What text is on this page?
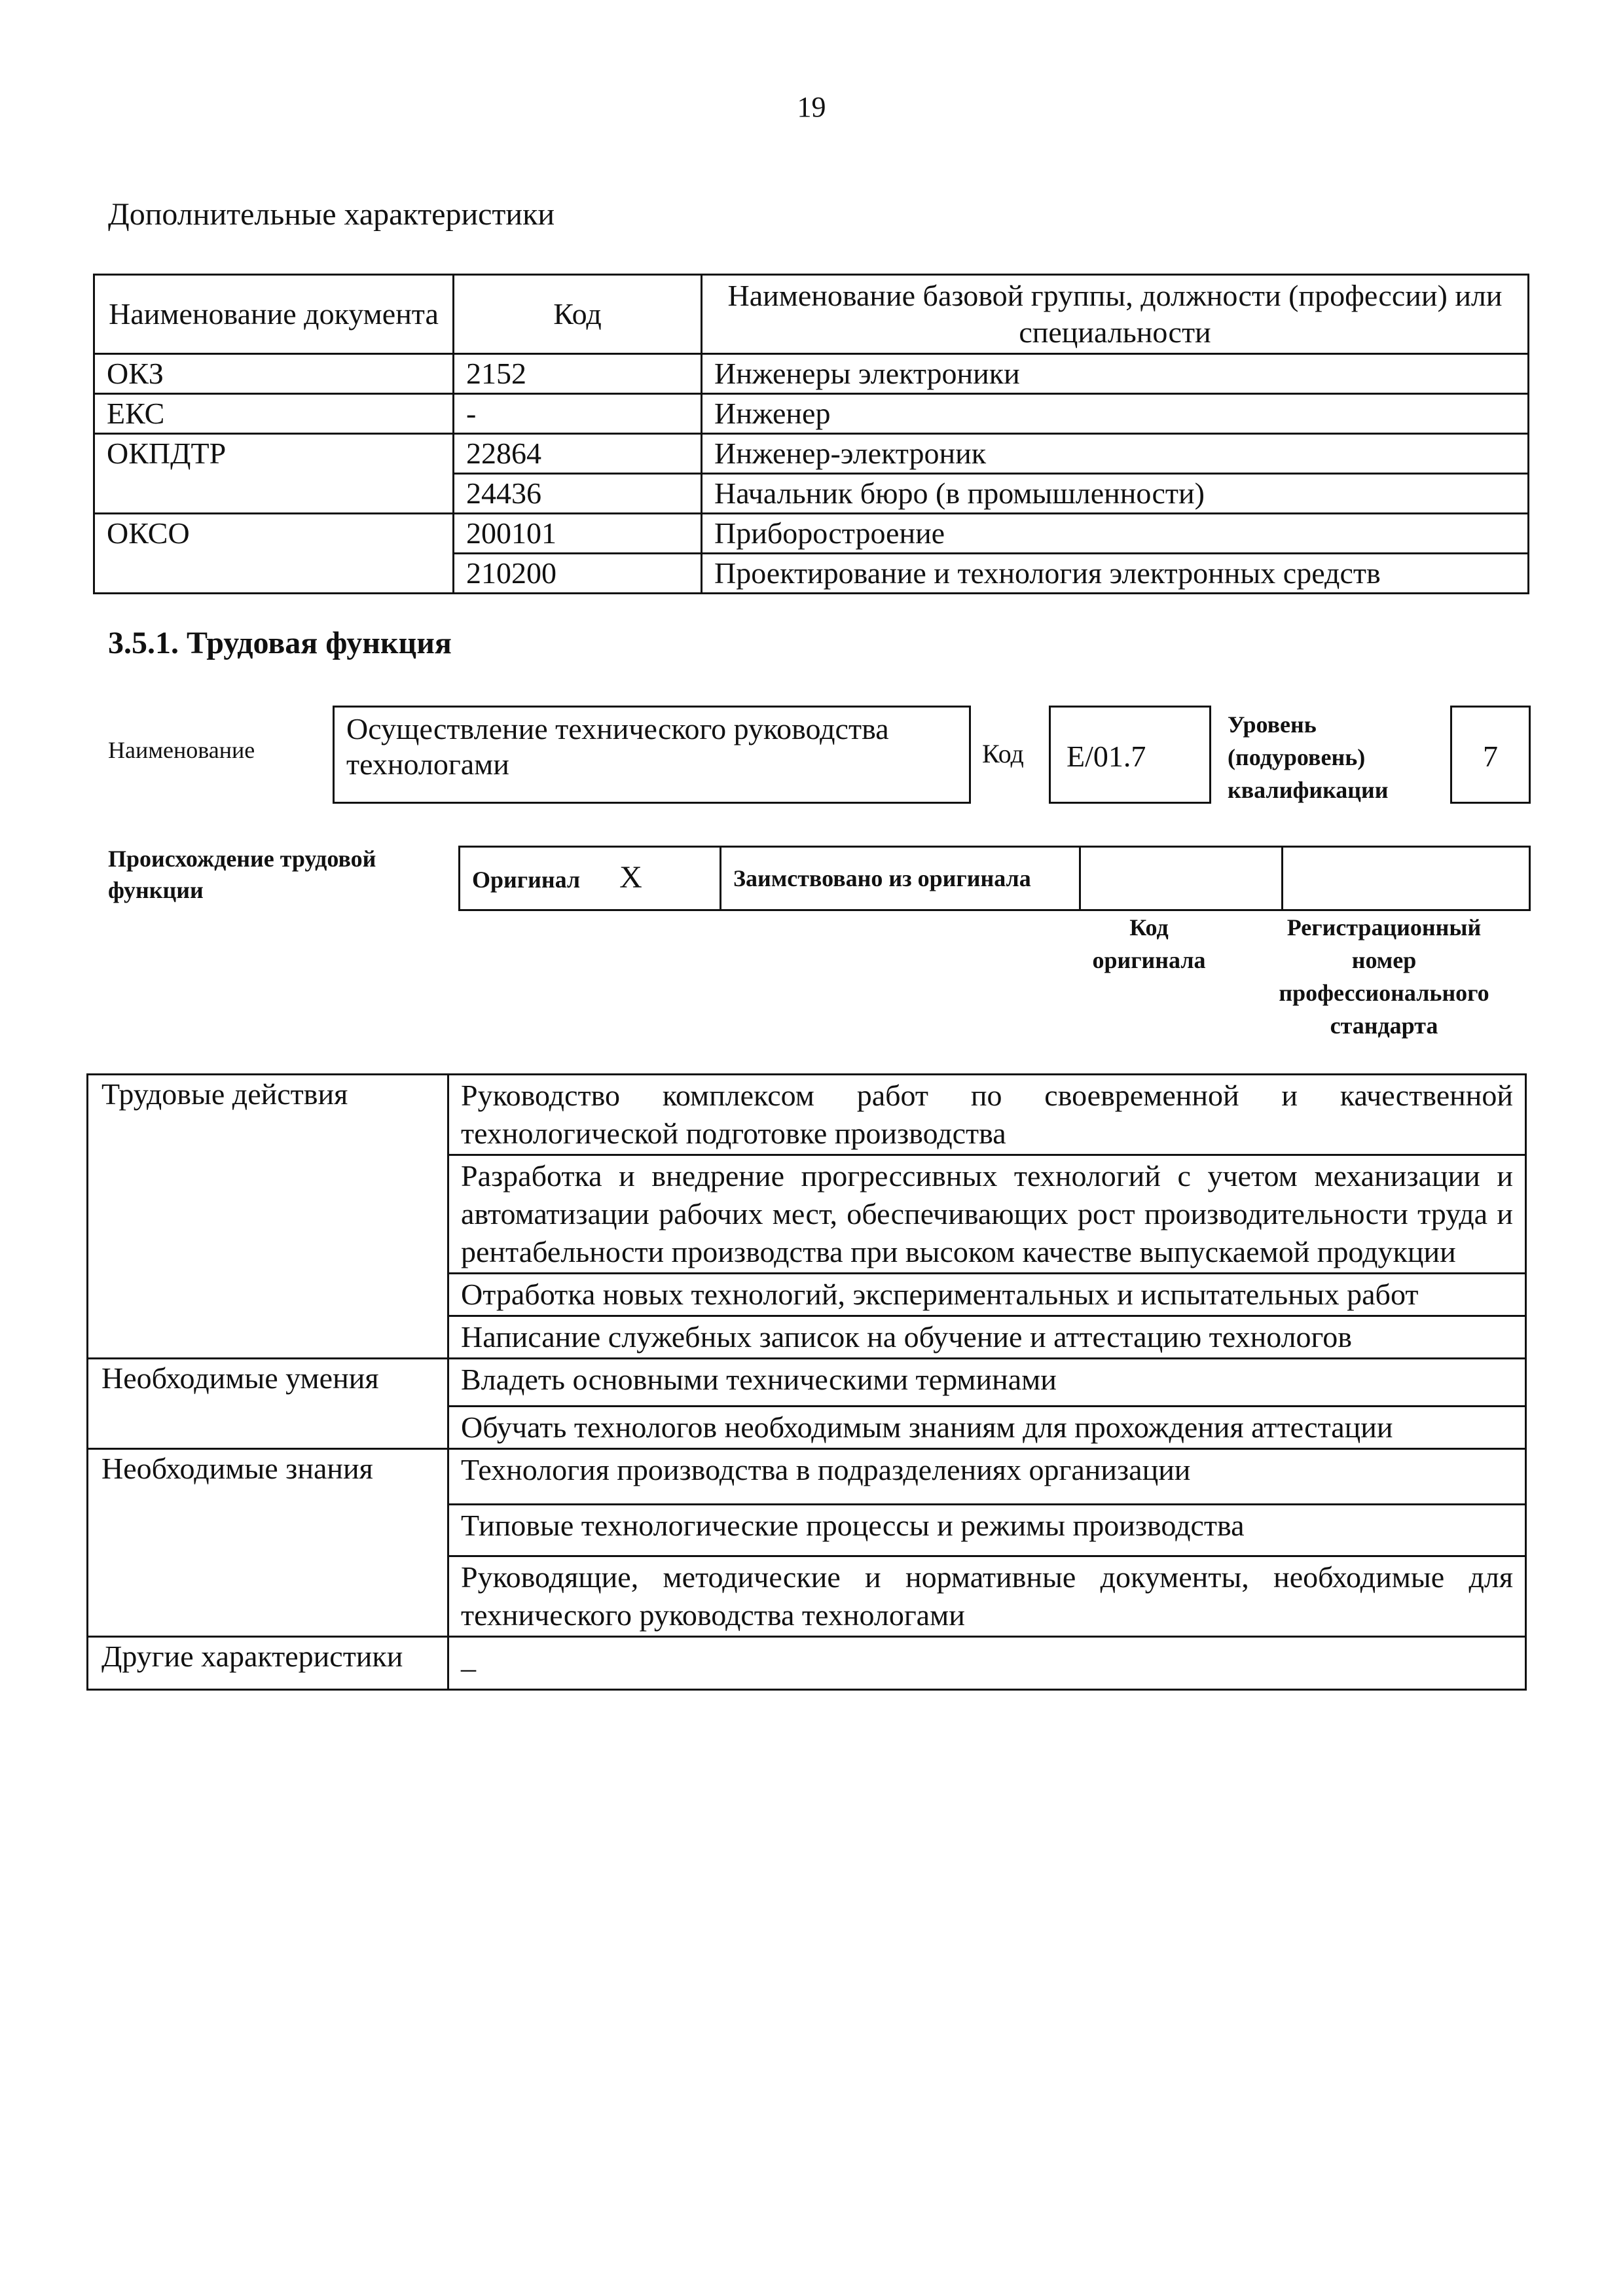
19
Дополнительные характеристики
Наименование документа	Код	Наименование базовой группы, должности (профессии) или специальности
ОКЗ	2152	Инженеры электроники
ЕКС	-	Инженер
ОКПДТР	22864	Инженер-электроник
	24436	Начальник бюро (в промышленности)
ОКСО	200101	Приборостроение
	210200	Проектирование и технология электронных средств
3.5.1. Трудовая функция
Наименование
Осуществление технического руководства технологами	Код	E/01.7
Уровень
(подуровень)
квалификации
7
Происхождение трудовой
функции	Оригинал X	Заимствовано из оригинала		
Код
оригинала
Регистрационный
номер
профессионального
стандарта
Трудовые действия	Руководство комплексом работ по своевременной и качественной технологической подготовке производства
	Разработка и внедрение прогрессивных технологий с учетом механизации и автоматизации рабочих мест, обеспечивающих рост производительности труда и рентабельности производства при высоком качестве выпускаемой продукции
	Отработка новых технологий, экспериментальных и испытательных работ
	Написание служебных записок на обучение и аттестацию технологов
Необходимые умения	Владеть основными техническими терминами
	Обучать технологов необходимым знаниям для прохождения аттестации
Необходимые знания	Технология производства в подразделениях организации
	Типовые технологические процессы и режимы производства
	Руководящие, методические и нормативные документы, необходимые для технического руководства технологами
Другие характеристики	_
